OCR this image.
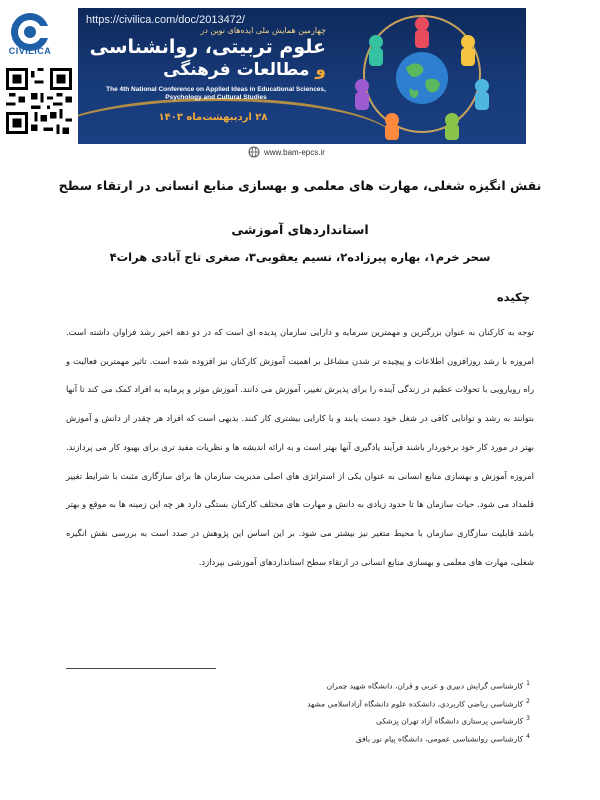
CIVILICA
https://civilica.com/doc/2013472/
چهارمین همایش ملی ایده‌های نوین در
علوم تربیتی، روانشناسی
و مطالعات فرهنگی
The 4th National Conference on Applied Ideas in Educational Sciences, Psychology and Cultural Studies
۲۸ اردیبهشت‌ماه ۱۴۰۳
www.bam-epcs.ir
نقش انگیزه شغلی، مهارت های معلمی و بهسازی منابع انسانی در ارتقاء سطح استانداردهای آموزشی
سحر خرم۱، بهاره پیرزاده۲، نسیم یعقوبی۳، صغری تاج آبادی هرات۴
چکیده
توجه به کارکنان به عنوان بزرگترین و مهمترین سرمایه و دارایی سازمان پدیده ای است که در دو دهه اخیر رشد فراوان داشته است. امروزه با رشد روزافزون اطلاعات و پیچیده تر شدن مشاغل بر اهمیت آموزش کارکنان نیز افزوده شده است. تاثیر مهمترین فعالیت و راه رویارویی با تحولات عظیم در زندگی آینده را برای پذیرش تغییر، آموزش می دانند. آموزش موثر و پرمایه به افراد کمک می کند تا آنها بتوانند به رشد و توانایی کافی در شغل خود دست یابند و با کارایی بیشتری کار کنند. بدیهی است که افراد هر چقدر از دانش و آموزش بهتر در مورد کار خود برخوردار باشند فرآیند یادگیری آنها بهتر است و به ارائه اندیشه ها و نظریات مفید تری برای بهبود کار می پردازند. امروزه آموزش و بهسازی منابع انسانی به عنوان یکی از استراتژی های اصلی مدیریت سازمان ها برای سازگاری مثبت با شرایط تغییر قلمداد می شود. حیات سازمان ها تا حدود زیادی به دانش و مهارت های مختلف کارکنان بستگی دارد هر چه این زمینه ها به موقع و بهتر باشد قابلیت سازگاری سازمان با محیط متغیر نیز بیشتر می شود. بر این اساس این پژوهش در صدد است به بررسی نقش انگیزه شغلی، مهارت های معلمی و بهسازی منابع انسانی در ارتقاء سطح استانداردهای آموزشی بپردازد.
$^1$کارشناسی گرایش دبیری و عربی و قران، دانشگاه شهید چمران
$^2$کارشناسی ریاضی کاربردی، دانشکده علوم دانشگاه آزاداسلامی مشهد
$^3$کارشناسی پرستاری دانشگاه آزاد تهران پزشکی
$^4$کارشناسی روانشناسی عمومی، دانشگاه پیام نور بافق
